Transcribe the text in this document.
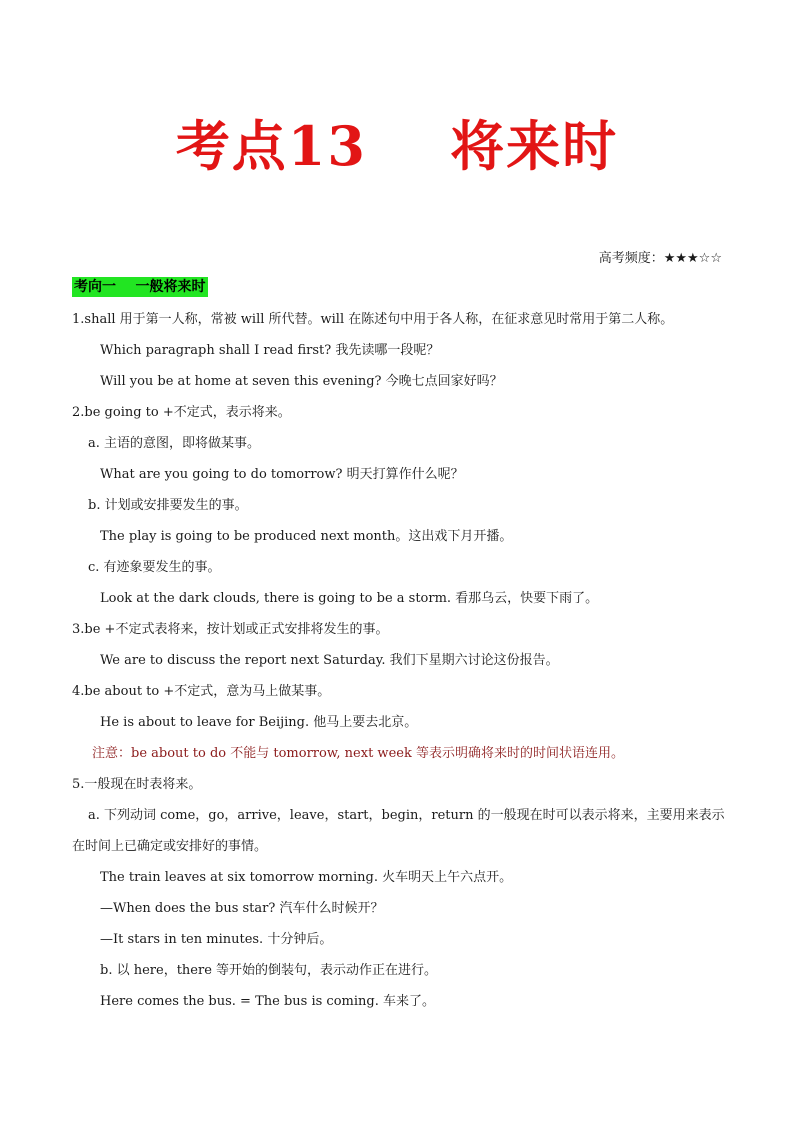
考点13    将来时
高考频度：★★★☆☆
考向一    一般将来时
1.shall 用于第一人称，常被 will 所代替。will 在陈述句中用于各人称，在征求意见时常用于第二人称。
Which paragraph shall I read first? 我先读哪一段呢？
Will you be at home at seven this evening? 今晚七点回家好吗？
2.be going to +不定式，表示将来。
a. 主语的意图，即将做某事。
What are you going to do tomorrow? 明天打算作什么呢？
b. 计划或安排要发生的事。
The play is going to be produced next month。这出戏下月开播。
c. 有迹象要发生的事。
Look at the dark clouds, there is going to be a storm. 看那乌云，快要下雨了。
3.be +不定式表将来，按计划或正式安排将发生的事。
We are to discuss the report next Saturday. 我们下星期六讨论这份报告。
4.be about to +不定式，意为马上做某事。
He is about to leave for Beijing. 他马上要去北京。
注意：be about to do 不能与 tomorrow, next week 等表示明确将来时的时间状语连用。
5.一般现在时表将来。
a. 下列动词 come，go，arrive，leave，start，begin，return 的一般现在时可以表示将来，主要用来表示
在时间上已确定或安排好的事情。
The train leaves at six tomorrow morning. 火车明天上午六点开。
—When does the bus star? 汽车什么时候开？
—It stars in ten minutes. 十分钟后。
b. 以 here，there 等开始的倒装句，表示动作正在进行。
Here comes the bus. = The bus is coming. 车来了。
